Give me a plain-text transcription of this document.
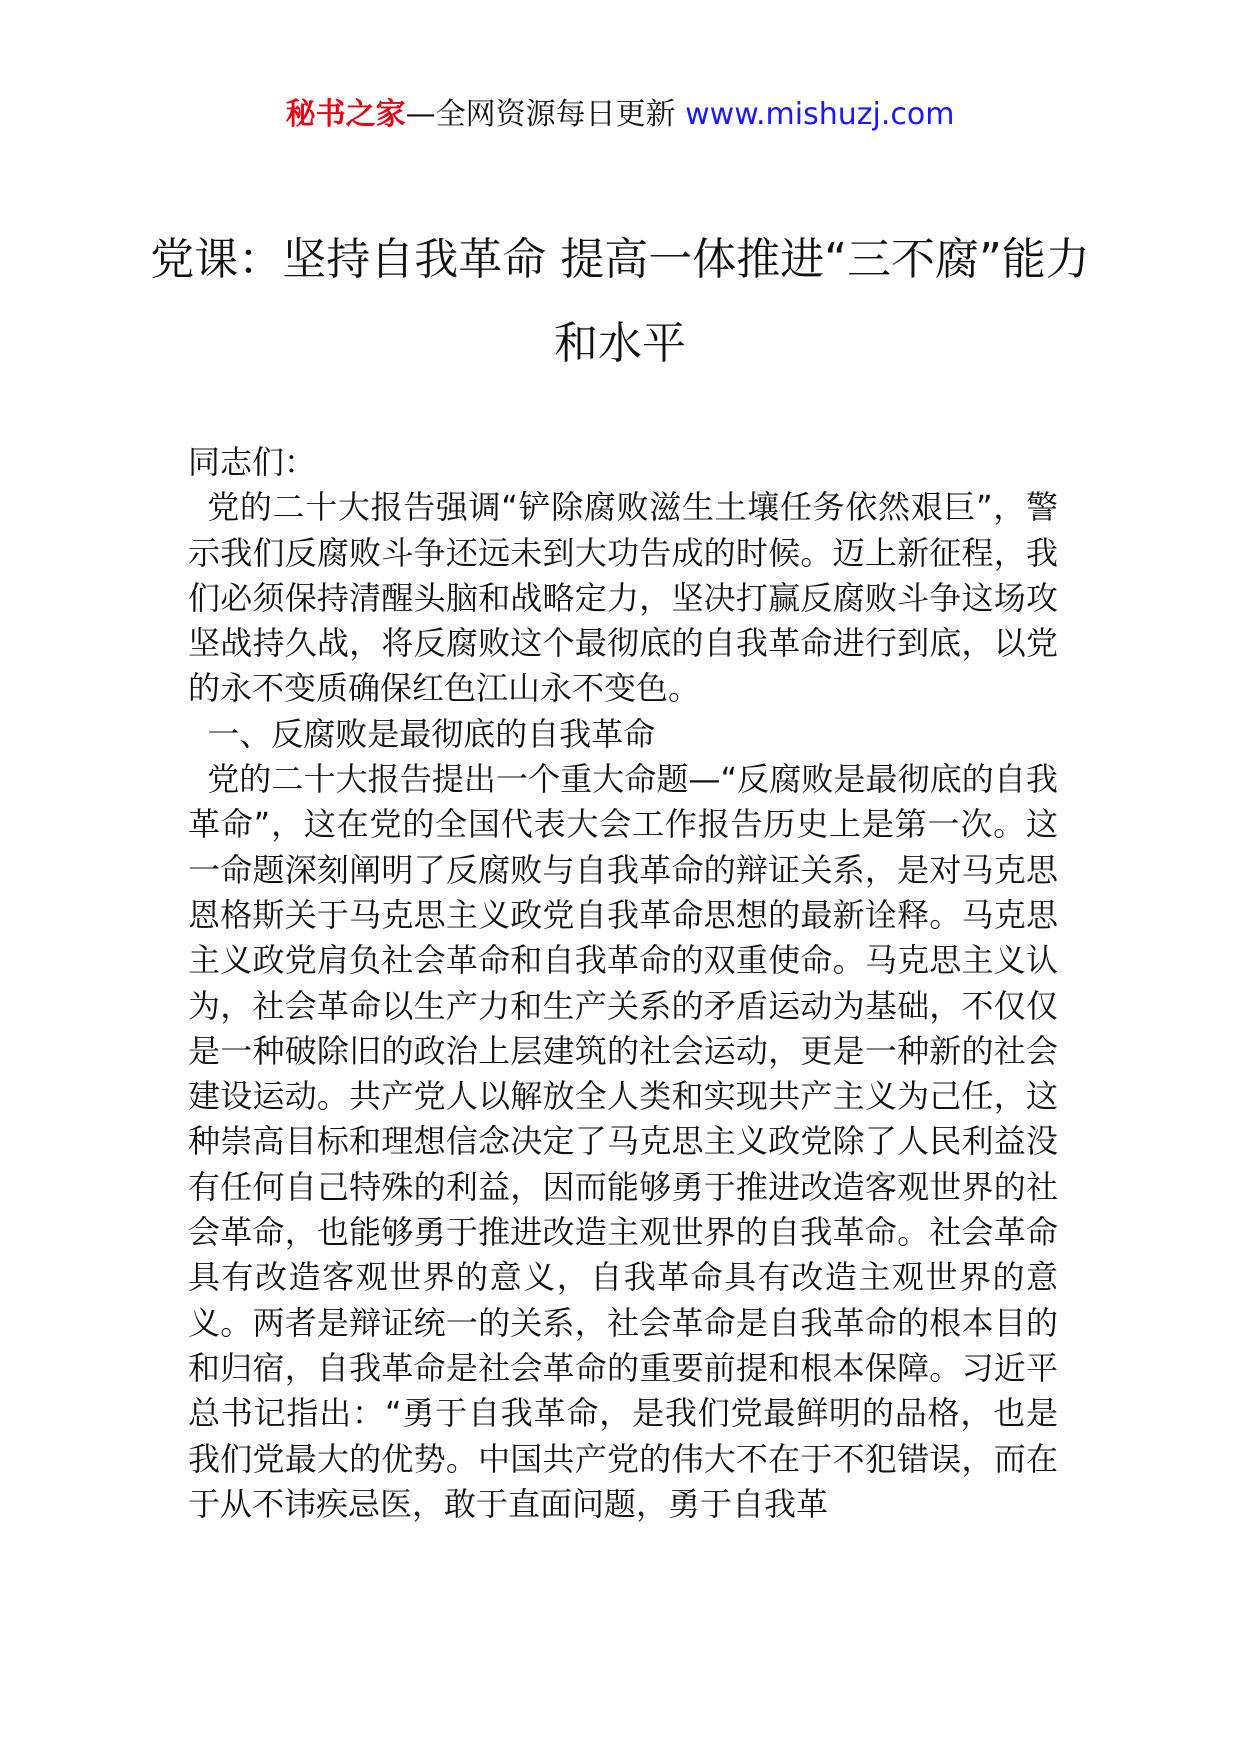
秘书之家—全网资源每日更新 www.mishuzj.com
党课：坚持自我革命 提高一体推进“三不腐”能力和水平

同志们：

党的二十大报告强调“铲除腐败滋生土壤任务依然艰巨”，警示我们反腐败斗争还远未到大功告成的时候。迈上新征程，我们必须保持清醒头脑和战略定力，坚决打赢反腐败斗争这场攻坚战持久战，将反腐败这个最彻底的自我革命进行到底，以党的永不变质确保红色江山永不变色。

一、反腐败是最彻底的自我革命

党的二十大报告提出一个重大命题—“反腐败是最彻底的自我革命”，这在党的全国代表大会工作报告历史上是第一次。这一命题深刻阐明了反腐败与自我革命的辩证关系，是对马克思恩格斯关于马克思主义政党自我革命思想的最新诠释。马克思主义政党肩负社会革命和自我革命的双重使命。马克思主义认为，社会革命以生产力和生产关系的矛盾运动为基础，不仅仅是一种破除旧的政治上层建筑的社会运动，更是一种新的社会建设运动。共产党人以解放全人类和实现共产主义为己任，这种崇高目标和理想信念决定了马克思主义政党除了人民利益没有任何自己特殊的利益，因而能够勇于推进改造客观世界的社会革命，也能够勇于推进改造主观世界的自我革命。社会革命具有改造客观世界的意义，自我革命具有改造主观世界的意义。两者是辩证统一的关系，社会革命是自我革命的根本目的和归宿，自我革命是社会革命的重要前提和根本保障。习近平总书记指出：“勇于自我革命，是我们党最鲜明的品格，也是我们党最大的优势。中国共产党的伟大不在于不犯错误，而在于从不讳疾忌医，敢于直面问题，勇于自我革
